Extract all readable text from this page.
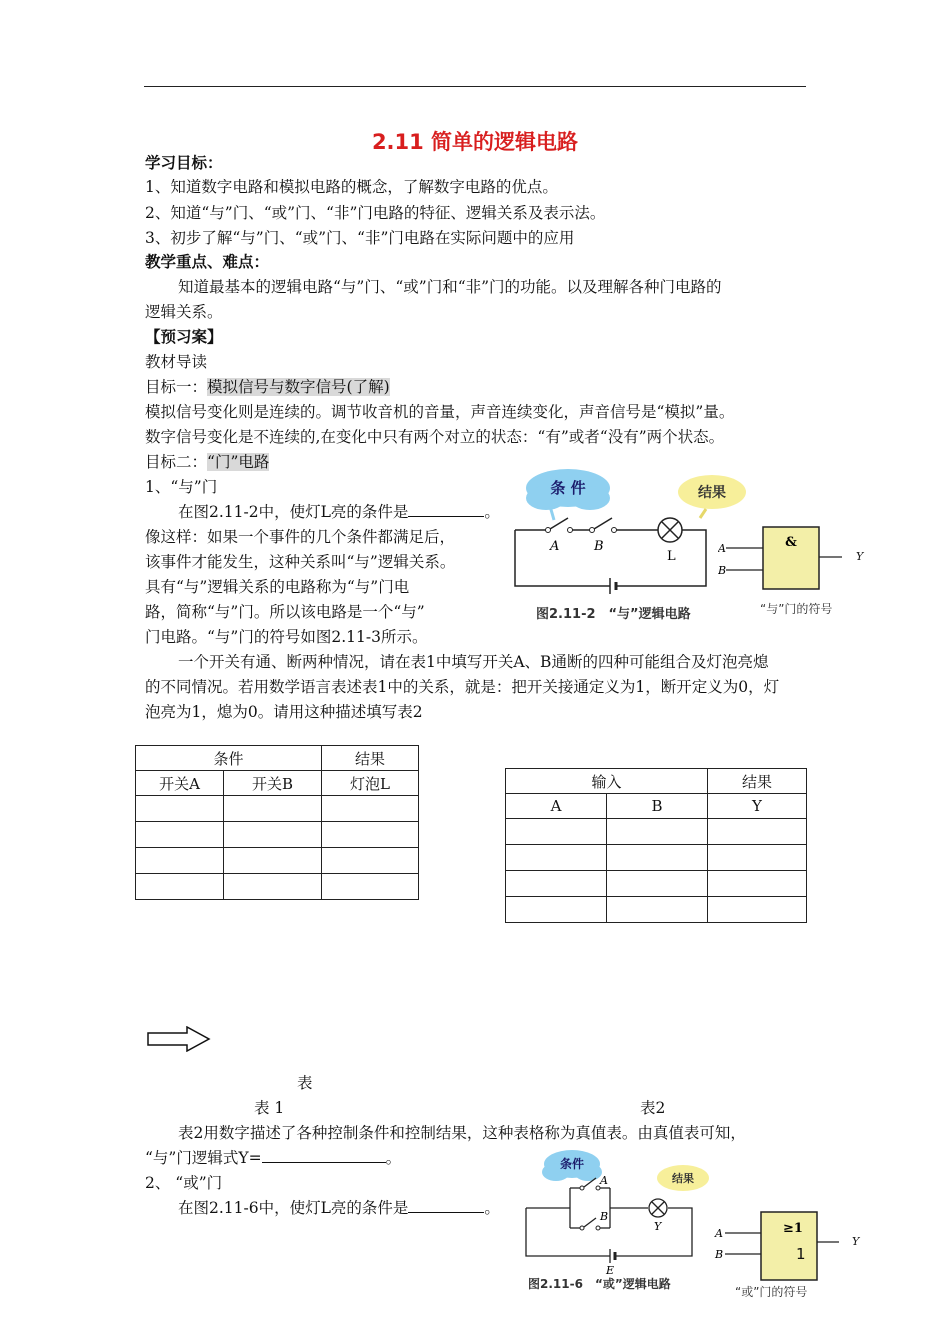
2.11 简单的逻辑电路
学习目标：
1、知道数字电路和模拟电路的概念，了解数字电路的优点。
2、知道“与”门、“或”门、“非”门电路的特征、逻辑关系及表示法。
3、初步了解“与”门、“或”门、“非”门电路在实际问题中的应用
教学重点、难点：
知道最基本的逻辑电路“与”门、“或”门和“非”门的功能。以及理解各种门电路的
逻辑关系。
【预习案】
教材导读
目标一：模拟信号与数字信号(了解)
模拟信号变化则是连续的。调节收音机的音量，声音连续变化，声音信号是“模拟”量。
数字信号变化是不连续的,在变化中只有两个对立的状态：“有”或者“没有”两个状态。
目标二：“门”电路
1、“与”门
在图2.11-2中，使灯L亮的条件是	。
像这样：如果一个事件的几个条件都满足后，
该事件才能发生，这种关系叫“与”逻辑关系。
具有“与”逻辑关系的电路称为“与”门电
路，简称“与”门。所以该电路是一个“与”
门电路。“与”门的符号如图2.11-3所示。
条 件	结果
A	B
L
图2.11-2　“与”逻辑电路
&
A
B
Y
“与”门的符号
一个开关有通、断两种情况，请在表1中填写开关A、B通断的四种可能组合及灯泡亮熄
的不同情况。若用数学语言表述表1中的关系，就是：把开关接通定义为1，断开定义为0，灯
泡亮为1，熄为0。请用这种描述填写表2
条件		结果
开关A	开关B	灯泡L

			输入		结果
A	B	Y

表
表 1	表2
表2用数字描述了各种控制条件和控制结果，这种表格称为真值表。由真值表可知，
“与”门逻辑式Y=	。
2、 “或”门
在图2.11-6中，使灯L亮的条件是	。
条件
结果
A
B
Y
E
图2.11-6　“或”逻辑电路
≥1
A
B
Y
1
“或”门的符号
